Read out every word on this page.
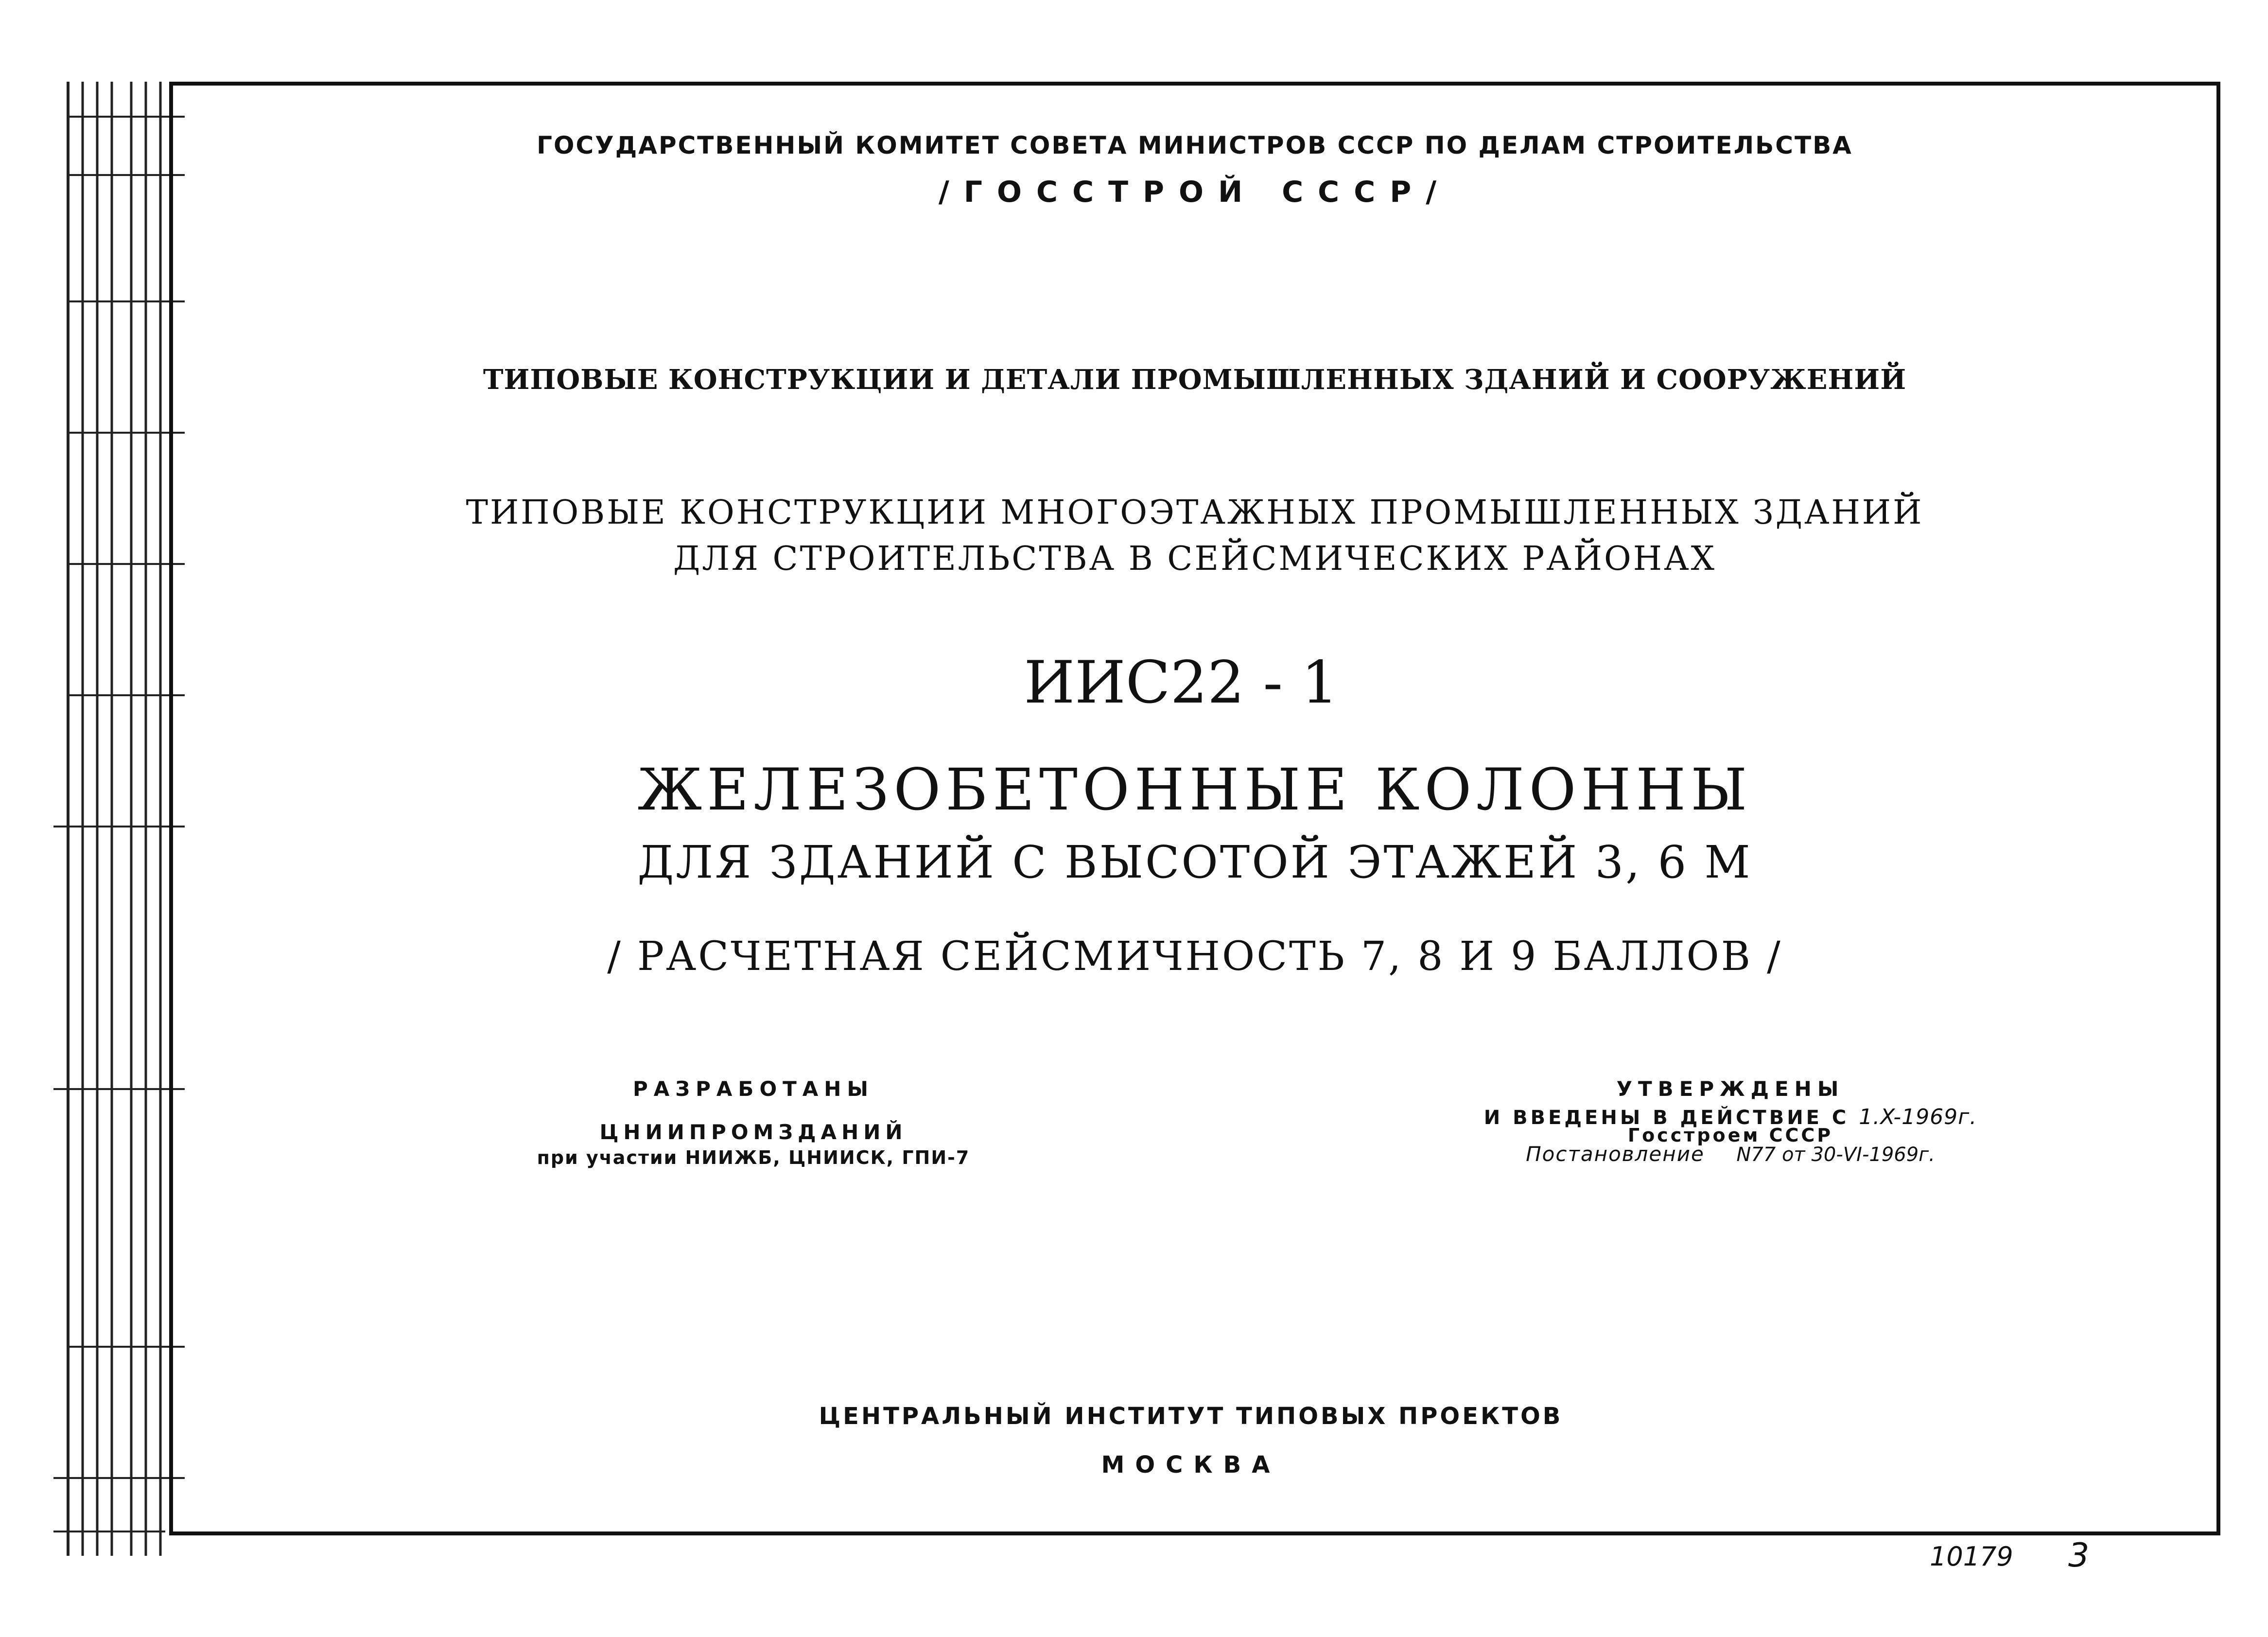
ГОСУДАРСТВЕННЫЙ КОМИТЕТ СОВЕТА МИНИСТРОВ СССР ПО ДЕЛАМ СТРОИТЕЛЬСТВА
/ГОССТРОЙ СССР/
ТИПОВЫЕ КОНСТРУКЦИИ И ДЕТАЛИ ПРОМЫШЛЕННЫХ ЗДАНИЙ И СООРУЖЕНИЙ
ТИПОВЫЕ КОНСТРУКЦИИ МНОГОЭТАЖНЫХ ПРОМЫШЛЕННЫХ ЗДАНИЙ
ДЛЯ СТРОИТЕЛЬСТВА В СЕЙСМИЧЕСКИХ РАЙОНАХ
ИИС22 - 1
ЖЕЛЕЗОБЕТОННЫЕ КОЛОННЫ
ДЛЯ ЗДАНИЙ С ВЫСОТОЙ ЭТАЖЕЙ 3, 6 М
/ РАСЧЕТНАЯ СЕЙСМИЧНОСТЬ 7, 8 И 9 БАЛЛОВ /
РАЗРАБОТАНЫ
ЦНИИПРОМЗДАНИЙ
при участии НИИЖБ, ЦНИИСК, ГПИ-7
УТВЕРЖДЕНЫ
И ВВЕДЕНЫ В ДЕЙСТВИЕ С 1.X-1969г.
Госстроем СССР
Постановление N77 от 30-VI-1969г.
ЦЕНТРАЛЬНЫЙ ИНСТИТУТ ТИПОВЫХ ПРОЕКТОВ
МОСКВА
10179 3
